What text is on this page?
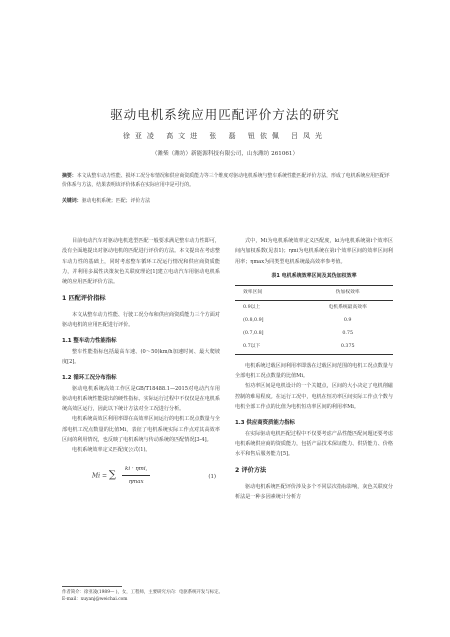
驱动电机系统应用匹配评价方法的研究
徐亚凌 高文进 张 磊 钮依佩 吕凤光
（潍柴（潍坊）新能源科技有限公司，山东潍坊 261061）
摘要：本文从整车动力性能、损坏工况分布情况和供应商资质能力等三个维度对驱动电机系统与整车系统性能匹配评价方法，形成了电机系统应用匹配评价体系与方法，结果表明该评价体系在实际应用中是可行的。
关键词：驱动电机系统；匹配；评价方法

目前电动汽车对驱动电机选型匹配一般要求满足整车动力性即可，没有全面地提出对驱动电机的匹配进行评价的方法。本文提出在考虑整车动力性的基础上，同时考虑整车循环工况运行情况和供应商资质能力，并利用多属性决策灰色关联度理论[1]建立电动汽车用驱动电机系统的应用匹配评价方法。

1 匹配评价指标

本文从整车动力性能、行驶工况分布和供应商资质能力三个方面对驱动电机的应用匹配进行评价。

1.1 整车动力性能指标

整车性能指标包括最高车速、(0～50)km/h加速时间、最大爬坡度[2]。

1.2 循环工况分布指标

驱动电机系统高效工作区是GB/T18488.1—2015对电动汽车用驱动电机系统性能提出的硬性指标，实际运行过程中不仅仅是在电机系统高效区运行，因此以下统计方法对全工况进行分析。

电机系统高效区利用率即在高效率区间运行的电机工况点数量与全部电机工况点数量的比值Mi，表征了电机系统实际工作点对其高效率区间的利用情况，也反映了电机系统与传动系统的匹配情况[3-4]。

电机系统效率定义匹配度公式(1)。

Mi = ∑ $\frac{\text{ki · ηmi,}}{\eta\max}$	(1)

式中，Mi为电机系统效率定义匹配度，ki为电机系统第i个效率区间内加权系数(见表1)；ηmi为电机系统在第i个效率区间的效率区间利用率；ηmax为同类型电机系统最高效率参考值。

表1 电机系统效率区间及其伪加权效率
效率区间	伪加权效率
0.9以上	电机系统最高效率
(0.8,0.9]	0.9
(0.7,0.8]	0.75
0.7以下	0.375

电机系统过载区间利用率即落在过载区间范围的电机工况点数量与全部电机工况点数量的比值Mi。

恒功率区间是电机设计的一个关键点，区间的大小决定了电机削磁控制的难易程度。在运行工况中，电机在恒功率区间实际工作点个数与电机全部工作点的比值为电机恒功率区间的利用率Mi。

1.3 供应商资质能力指标

在实际驱动电机匹配过程中不仅要考虑产品性能匹配问题还要考虑电机系统供应商的资质能力，包括产品技术保证能力、供货能力、价格水平和售后服务能力[5]。

2 评价方法

驱动电机系统匹配评价涉及多个不同层次指标影响，灰色关联度分析法是一种多因素统计分析方

作者简介：徐亚凌(1989— )，女，工程师，主要研究方向：电驱系统开发与标定。
E-mail：xuyanj@weichai.com
